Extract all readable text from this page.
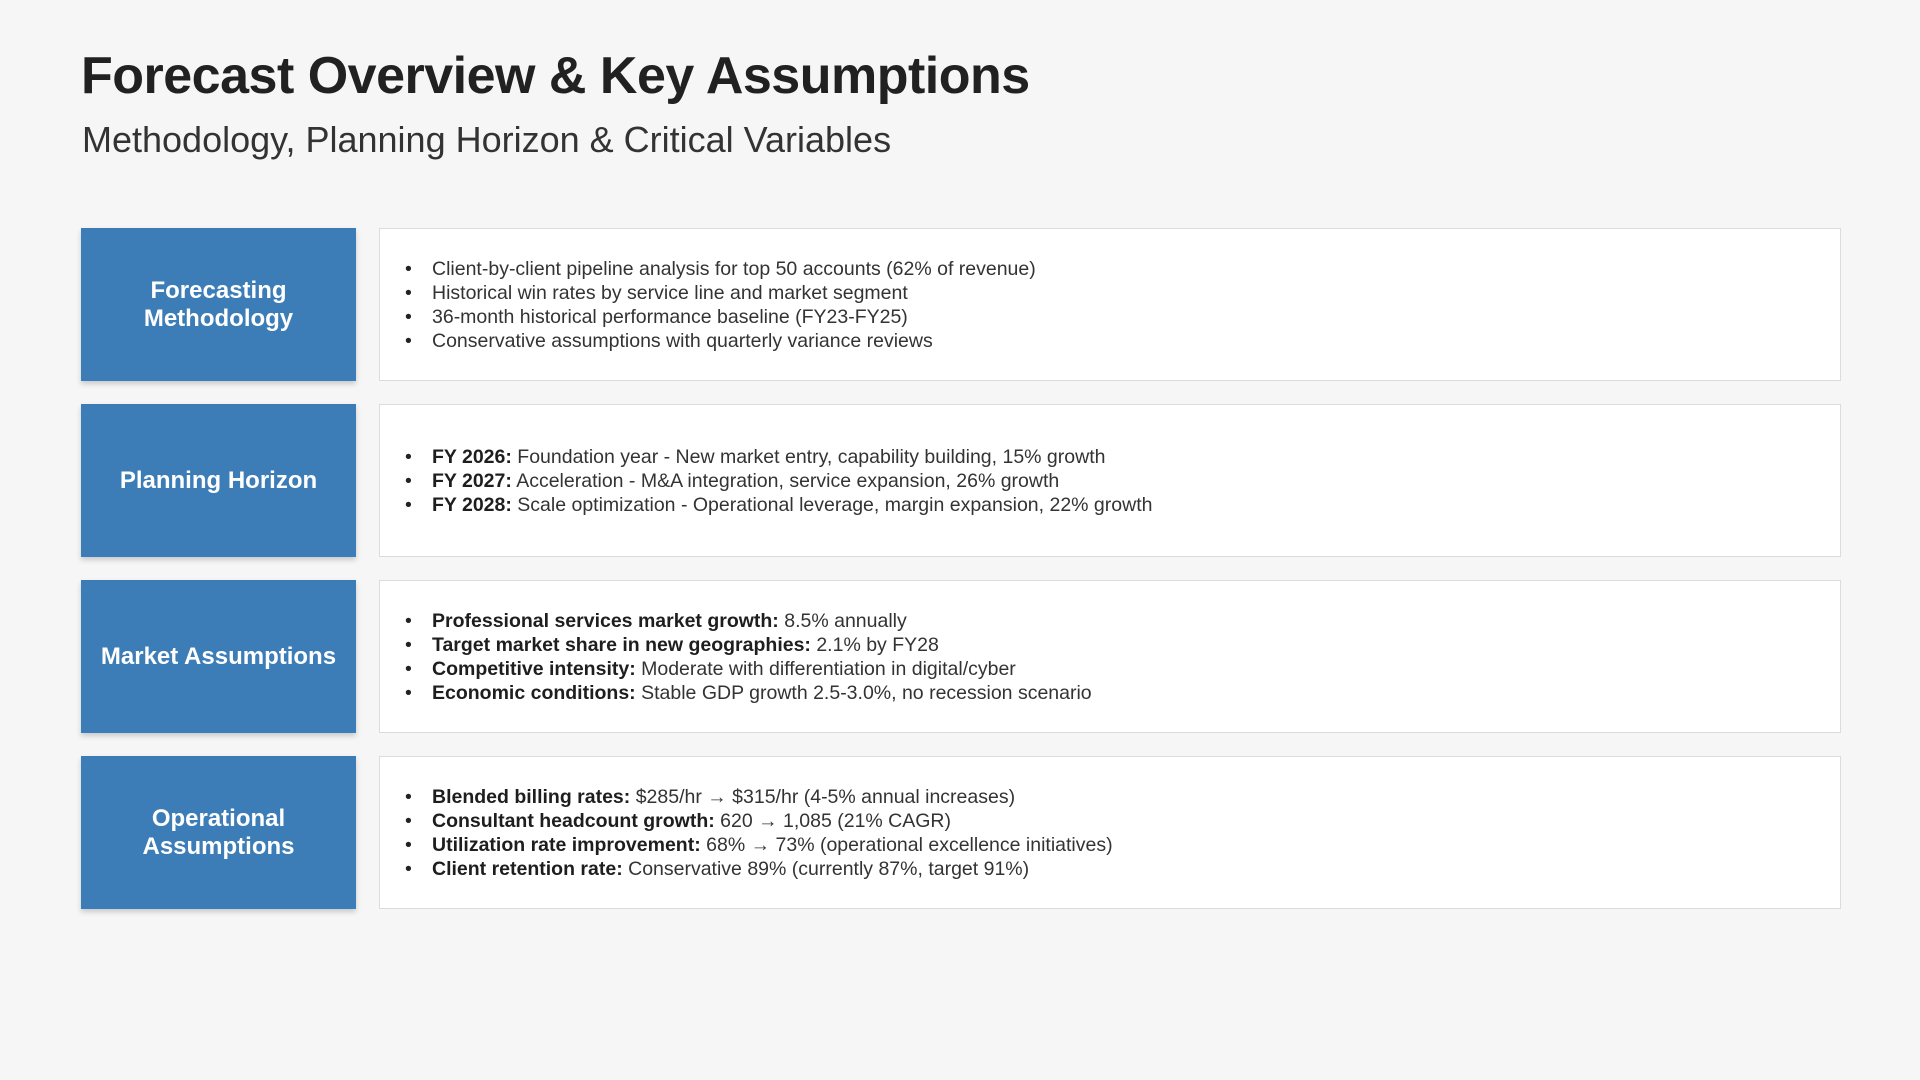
Forecast Overview & Key Assumptions
Methodology, Planning Horizon & Critical Variables
Forecasting Methodology
• Client-by-client pipeline analysis for top 50 accounts (62% of revenue)
• Historical win rates by service line and market segment
• 36-month historical performance baseline (FY23-FY25)
• Conservative assumptions with quarterly variance reviews
Planning Horizon
• FY 2026: Foundation year - New market entry, capability building, 15% growth
• FY 2027: Acceleration - M&A integration, service expansion, 26% growth
• FY 2028: Scale optimization - Operational leverage, margin expansion, 22% growth
Market Assumptions
• Professional services market growth: 8.5% annually
• Target market share in new geographies: 2.1% by FY28
• Competitive intensity: Moderate with differentiation in digital/cyber
• Economic conditions: Stable GDP growth 2.5-3.0%, no recession scenario
Operational Assumptions
• Blended billing rates: $285/hr → $315/hr (4-5% annual increases)
• Consultant headcount growth: 620 → 1,085 (21% CAGR)
• Utilization rate improvement: 68% → 73% (operational excellence initiatives)
• Client retention rate: Conservative 89% (currently 87%, target 91%)
